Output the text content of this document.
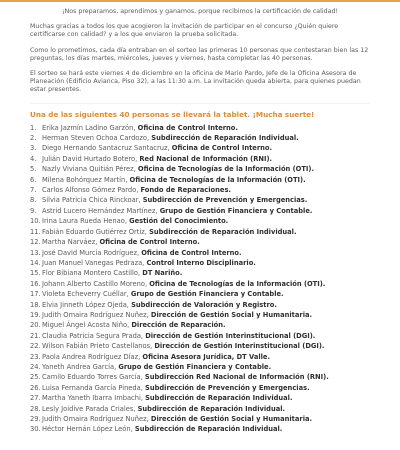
¡Nos preparamos, aprendimos y ganamos, porque recibimos la certificación de calidad!

Muchas gracias a todos los que acogieron la invitación de participar en el concurso ¿Quién quiere certificarse con calidad? y a los que enviaron la prueba solicitada.

Como lo prometimos, cada día entraban en el sorteo las primeras 10 personas que contestaran bien las 12 preguntas, los días martes, miércoles, jueves y viernes, hasta completar las 40 personas.

El sorteo se hará este viernes 4 de diciembre en la oficina de Mario Pardo, Jefe de la Oficina Asesora de Planeación (Edificio Avianca, Piso 32), a las 11:30 a.m. La invitación queda abierta, para quienes puedan estar presentes.

Una de las siguientes 40 personas se llevará la tablet. ¡Mucha suerte!
1. Erika Jazmín Ladino Garzón, Oficina de Control Interno.
2. Herman Steven Ochoa Cardozo, Subdirección de Reparación Individual.
3. Diego Hernando Santacruz Santacruz, Oficina de Control Interno.
4. Julián David Hurtado Botero, Red Nacional de Información (RNI).
5. Nazly Viviana Quitián Pérez, Oficina de Tecnologías de la Información (OTI).
6. Milena Bohórquez Martín, Oficina de Tecnologías de la Información (OTI).
7. Carlos Alfonso Gómez Pardo, Fondo de Reparaciones.
8. Silvia Patricia Chica Rinckoar, Subdirección de Prevención y Emergencias.
9. Astrid Lucero Hernández Martínez, Grupo de Gestión Financiera y Contable.
10.Irina Laura Rueda Henao, Gestión del Conocimiento.
11.Fabián Eduardo Gutiérrez Ortiz, Subdirección de Reparación Individual.
12.Martha Narváez, Oficina de Control Interno.
13.José David Murcia Rodríguez, Oficina de Control Interno.
14.Juan Manuel Vanegas Pedraza, Control Interno Disciplinario.
15.Flor Bibiana Montero Castillo, DT Nariño.
16.Johann Alberto Castillo Moreno, Oficina de Tecnologías de la Información (OTI).
17.Violeta Echeverry Cuéllar, Grupo de Gestión Financiera y Contable.
18.Elvia Jinneth López Ojeda, Subdirección de Valoración y Registro.
19.Judith Omaira Rodríguez Nuñez, Dirección de Gestión Social y Humanitaria.
20.Miguel Ángel Acosta Niño, Dirección de Reparación.
21.Claudia Patricia Segura Prada, Dirección de Gestión Interinstitucional (DGI).
22.Wilson Fabián Prieto Castellanos, Dirección de Gestión Interinstitucional (DGI).
23.Paola Andrea Rodríguez Díaz, Oficina Asesora Jurídica, DT Valle.
24.Yaneth Andrea García, Grupo de Gestión Financiera y Contable.
25.Camilo Eduardo Torres García, Subdirección Red Nacional de Información (RNI).
26.Luisa Fernanda García Pineda, Subdirección de Prevención y Emergencias.
27.Martha Yaneth Ibarra Imbachi, Subdirección de Reparación Individual.
28.Lesly Joidive Parada Criales, Subdirección de Reparación Individual.
29.Judith Omaira Rodríguez Nuñez, Dirección de Gestión Social y Humanitaria.
30.Héctor Hernán López León, Subdirección de Reparación Individual.
